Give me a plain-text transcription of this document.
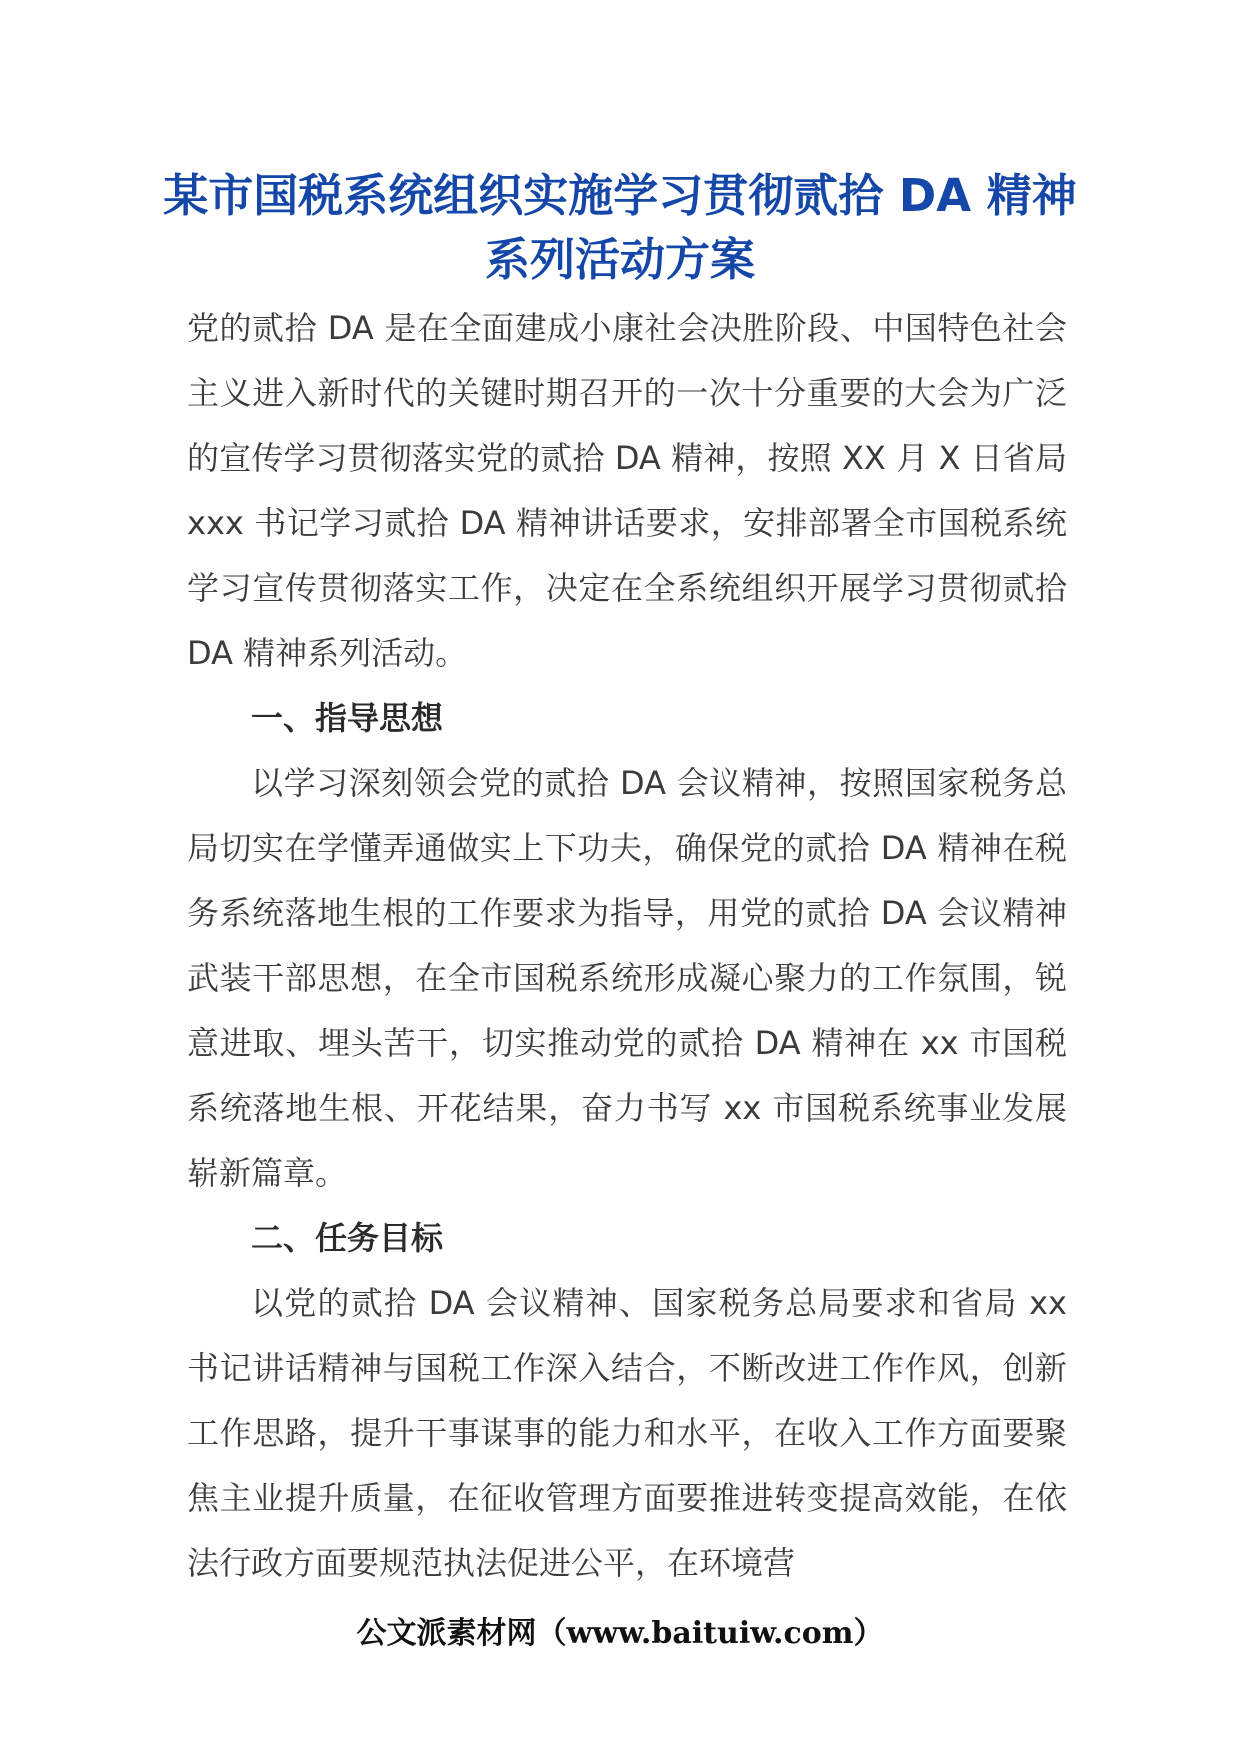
某市国税系统组织实施学习贯彻贰拾 DA 精神系列活动方案

党的贰拾 DA 是在全面建成小康社会决胜阶段、中国特色社会主义进入新时代的关键时期召开的一次十分重要的大会为广泛的宣传学习贯彻落实党的贰拾 DA 精神，按照 XX 月 X 日省局 xxx 书记学习贰拾 DA 精神讲话要求，安排部署全市国税系统学习宣传贯彻落实工作，决定在全系统组织开展学习贯彻贰拾 DA 精神系列活动。

一、指导思想

以学习深刻领会党的贰拾 DA 会议精神，按照国家税务总局切实在学懂弄通做实上下功夫，确保党的贰拾 DA 精神在税务系统落地生根的工作要求为指导，用党的贰拾 DA 会议精神武装干部思想，在全市国税系统形成凝心聚力的工作氛围，锐意进取、埋头苦干，切实推动党的贰拾 DA 精神在 xx 市国税系统落地生根、开花结果，奋力书写 xx 市国税系统事业发展崭新篇章。

二、任务目标

以党的贰拾 DA 会议精神、国家税务总局要求和省局 xx 书记讲话精神与国税工作深入结合，不断改进工作作风，创新工作思路，提升干事谋事的能力和水平，在收入工作方面要聚焦主业提升质量，在征收管理方面要推进转变提高效能，在依法行政方面要规范执法促进公平，在环境营

公文派素材网（www.baituiw.com）
